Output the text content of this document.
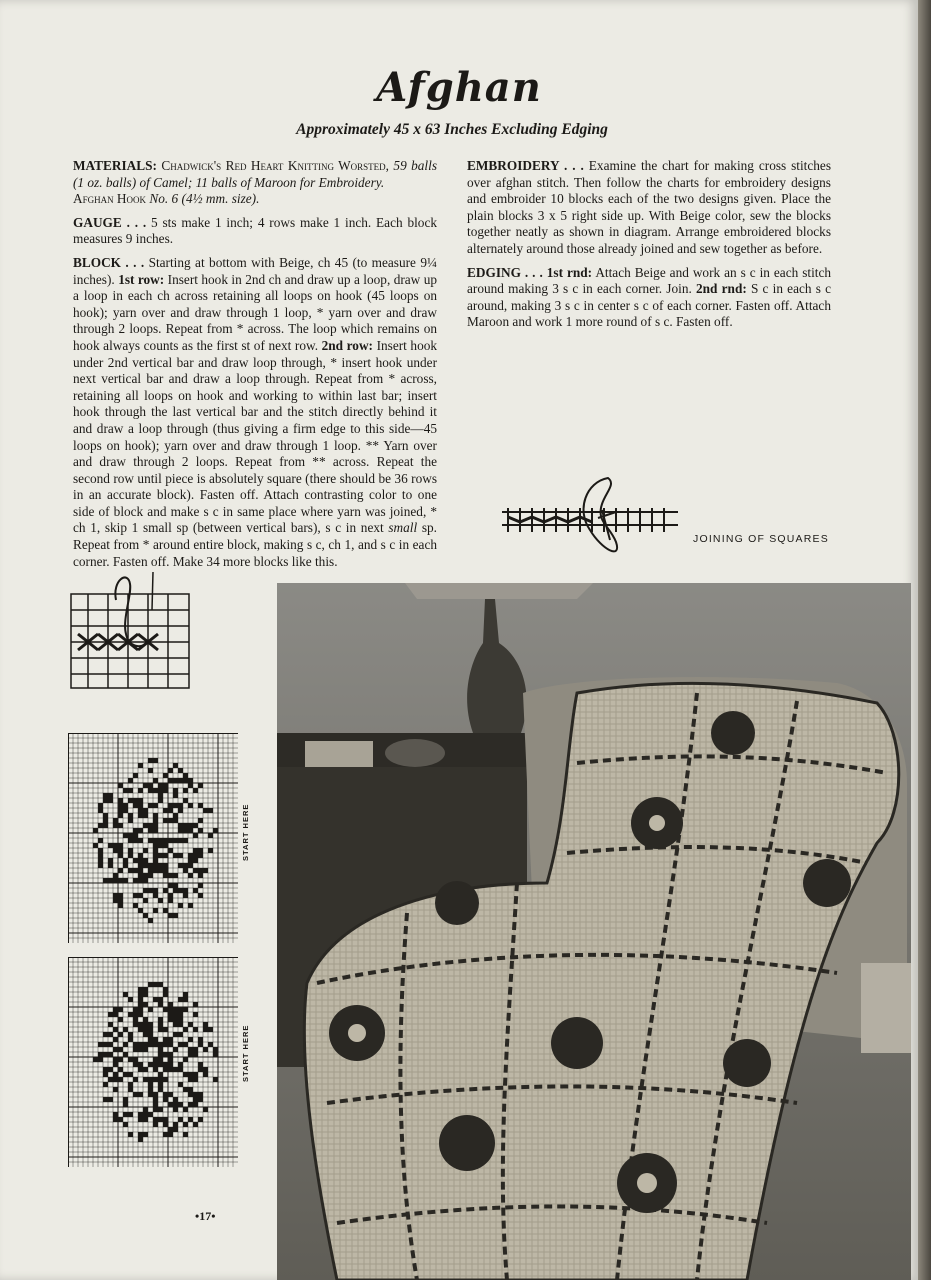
Afghan
Approximately 45 x 63 Inches Excluding Edging

MATERIALS: Chadwick's Red Heart Knitting Worsted, 59 balls (1 oz. balls) of Camel; 11 balls of Maroon for Embroidery.
Afghan Hook No. 6 (4½ mm. size).

GAUGE . . . 5 sts make 1 inch; 4 rows make 1 inch. Each block measures 9 inches.

BLOCK . . . Starting at bottom with Beige, ch 45 (to measure 9¼ inches). 1st row: Insert hook in 2nd ch and draw up a loop, draw up a loop in each ch across retaining all loops on hook (45 loops on hook); yarn over and draw through 1 loop, * yarn over and draw through 2 loops. Repeat from * across. The loop which remains on hook always counts as the first st of next row. 2nd row: Insert hook under 2nd vertical bar and draw loop through, * insert hook under next vertical bar and draw a loop through. Repeat from * across, retaining all loops on hook and working to within last bar; insert hook through the last vertical bar and the stitch directly behind it and draw a loop through (thus giving a firm edge to this side—45 loops on hook); yarn over and draw through 1 loop. ** Yarn over and draw through 2 loops. Repeat from ** across. Repeat the second row until piece is absolutely square (there should be 36 rows in an accurate block). Fasten off. Attach contrasting color to one side of block and make s c in same place where yarn was joined, * ch 1, skip 1 small sp (between vertical bars), s c in next small sp. Repeat from * around entire block, making s c, ch 1, and s c in each corner. Fasten off. Make 34 more blocks like this.

EMBROIDERY . . . Examine the chart for making cross stitches over afghan stitch. Then follow the charts for embroidery designs and embroider 10 blocks each of the two designs given. Place the plain blocks 3 x 5 right side up. With Beige color, sew the blocks together neatly as shown in diagram. Arrange embroidered blocks alternately around those already joined and sew together as before.

EDGING . . . 1st rnd: Attach Beige and work an s c in each stitch around making 3 s c in each corner. Join. 2nd rnd: S c in each s c around, making 3 s c in center s c of each corner. Fasten off. Attach Maroon and work 1 more round of s c. Fasten off.

JOINING OF SQUARES
START HERE
START HERE
•17•
